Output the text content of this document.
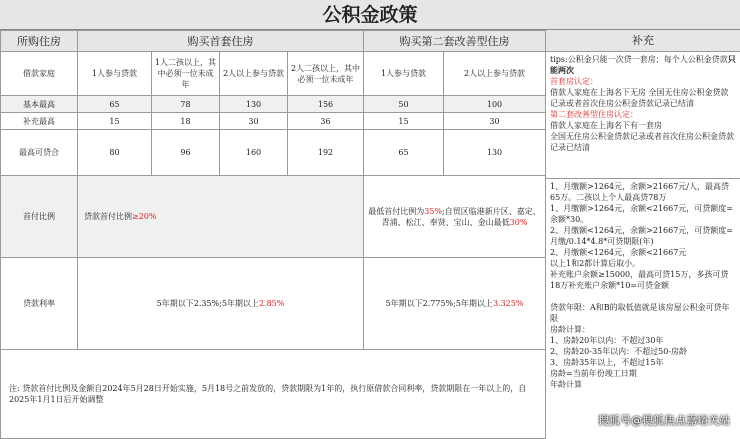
公积金政策
所购住房	购买首套住房				购买第二套改善型住房	
借款家庭	1人参与贷款	1人二孩以上，其中必须一位未成年	2人以上参与贷款	2人二孩以上，其中必须一位未成年	1人参与贷款	2人以上参与贷款
基本最高	65	78	130	156	50	100
补充最高	15	18	30	36	15	30
最高可贷合	80	96	160	192	65	130
首付比例	贷款首付比例≥20%				最低首付比例为35%;自贸区临港新片区、嘉定、青浦、松江、奉贤、宝山、金山最低30%	
贷款利率	5年期以下2.35%;5年期以上2.85%				5年期以下2.775%;5年期以上3.325%	
注: 贷款首付比例及金额自2024年5月28日开始实施，5月18号之前发放的，贷款期限为1年的，执行原借款合同利率，贷款期限在一年以上的，自2025年1月1日后开始调整						
补充
tips:公积金只能一次贷一套房；每个人公积金贷款只能两次
首套房认定：
借款人家庭在上海名下无房 全国无住房公积金贷款记录或者首次住房公积金贷款记录已结清
第二套改善型住房认定：
借款人家庭在上海名下有一套房
全国无住房公积金贷款记录或者首次住房公积金贷款记录已结清
1、月缴额>1264元，余额>21667元/人，最高贷65万。二孩以上个人最高贷78万
1、月缴额>1264元，余额<21667元，可贷额度=余额*30。
2、月缴额<1264元，余额>21667元，可贷额度=月缴/0.14*4.8*可贷期限(年)
2、月缴额<1264元，余额<21667元
以上1和2都计算后取小。
补充账户余额≥15000，最高可贷15万，多孩可贷18万补充账户余额*10=可贷金额
贷款年限：A和B的取低值就是该房屋公积金可贷年限
房龄计算：
1、房龄20年以内：不超过30年
2、房龄20-35年以内：不超过50-房龄
3、房龄35年以上，不超过15年
房龄=当前年份竣工日期
年龄计算
搜狐号@搜狐焦点嘉峪关站
